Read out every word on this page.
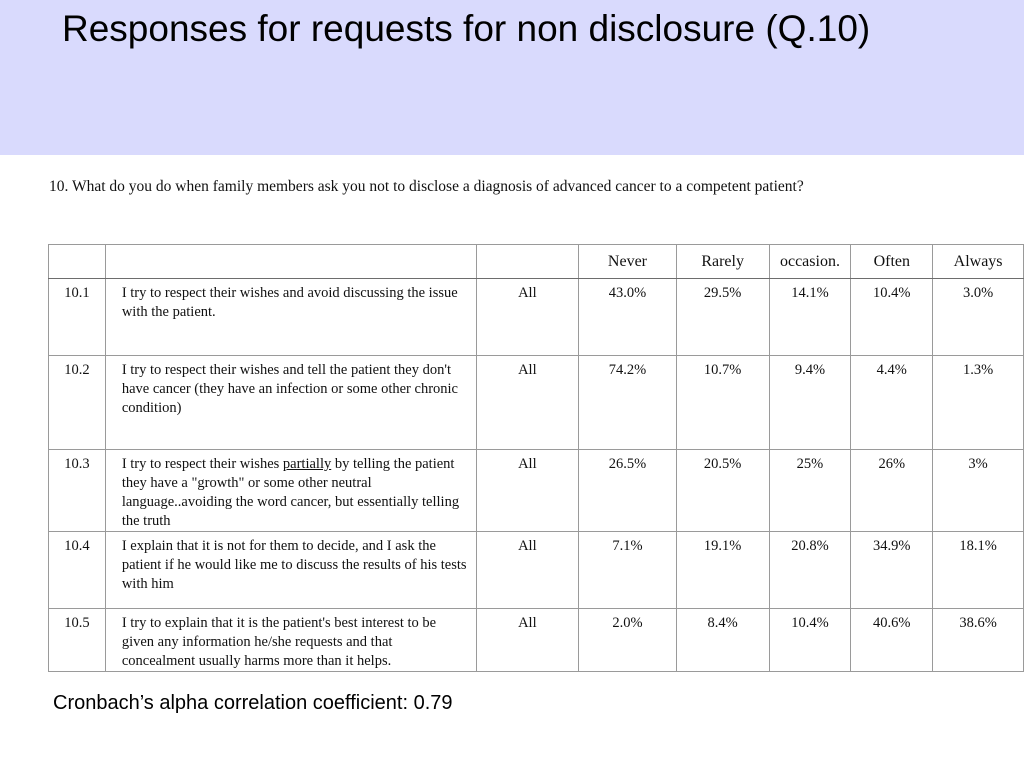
Responses for requests for non disclosure (Q.10)
10. What do you do when family members ask you not to disclose a diagnosis of advanced cancer to a competent patient?
			Never	Rarely	occasion.	Often	Always
10.1	I try to respect their wishes and avoid discussing the issue with the patient.	All	43.0%	29.5%	14.1%	10.4%	3.0%
10.2	I try to respect their wishes and tell the patient they don't have cancer (they have an infection or some other chronic condition)	All	74.2%	10.7%	9.4%	4.4%	1.3%
10.3	I try to respect their wishes partially by telling the patient they have a "growth" or some other neutral language..avoiding the word cancer, but essentially telling the truth	All	26.5%	20.5%	25%	26%	3%
10.4	I explain that it is not for them to decide, and I ask the patient if he would like me to discuss the results of his tests with him	All	7.1%	19.1%	20.8%	34.9%	18.1%
10.5	I try to explain that it is the patient's best interest to be given any information he/she requests and that concealment usually harms more than it helps.	All	2.0%	8.4%	10.4%	40.6%	38.6%
Cronbach’s alpha correlation coefficient: 0.79
